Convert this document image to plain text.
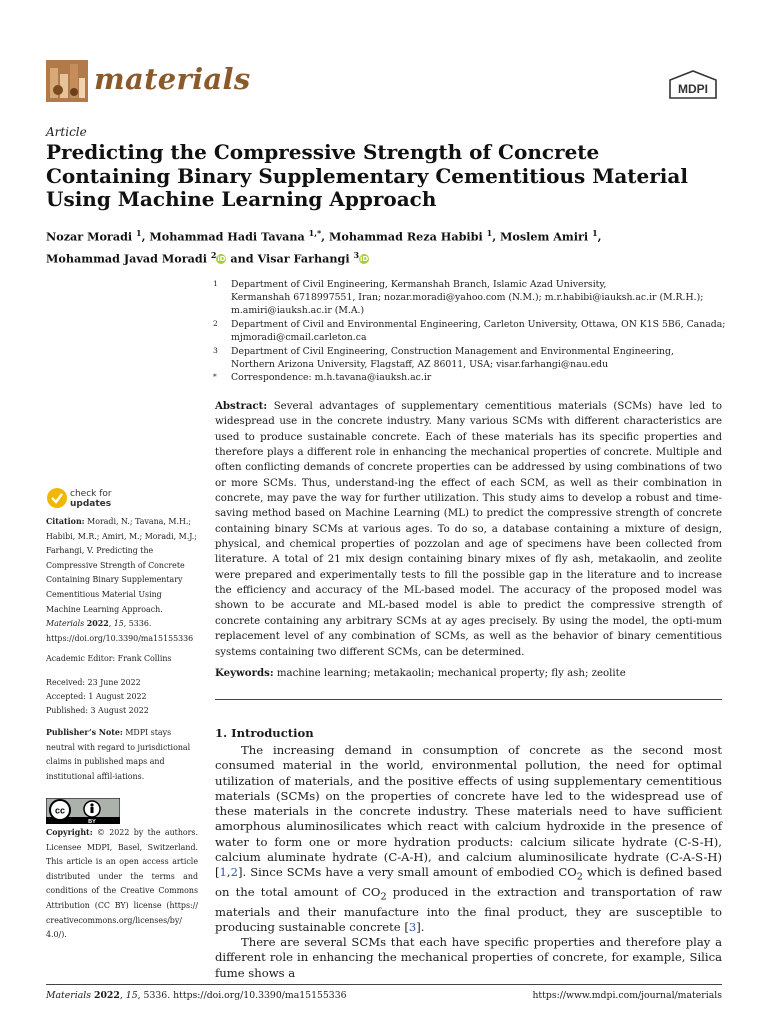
materials	MDPI
Article
Predicting the Compressive Strength of Concrete Containing Binary Supplementary Cementitious Material Using Machine Learning Approach
Nozar Moradi $^1$, Mohammad Hadi Tavana $^{1,*}$, Mohammad Reza Habibi $^1$, Moslem Amiri $^1$,
Mohammad Javad Moradi $^2$iD and Visar Farhangi $^3$iD
1 Department of Civil Engineering, Kermanshah Branch, Islamic Azad University,
Kermanshah 6718997551, Iran; nozar.moradi@yahoo.com (N.M.); m.r.habibi@iauksh.ac.ir (M.R.H.);
m.amiri@iauksh.ac.ir (M.A.)
2 Department of Civil and Environmental Engineering, Carleton University, Ottawa, ON K1S 5B6, Canada;
mjmoradi@cmail.carleton.ca
3 Department of Civil Engineering, Construction Management and Environmental Engineering,
Northern Arizona University, Flagstaff, AZ 86011, USA; visar.farhangi@nau.edu
* Correspondence: m.h.tavana@iauksh.ac.ir
Abstract: Several advantages of supplementary cementitious materials (SCMs) have led to widespread use in the concrete industry. Many various SCMs with different characteristics are used to produce sustainable concrete. Each of these materials has its specific properties and therefore plays a different role in enhancing the mechanical properties of concrete. Multiple and often conflicting demands of concrete properties can be addressed by using combinations of two or more SCMs. Thus, understand-ing the effect of each SCM, as well as their combination in concrete, may pave the way for further utilization. This study aims to develop a robust and time-saving method based on Machine Learning (ML) to predict the compressive strength of concrete containing binary SCMs at various ages. To do so, a database containing a mixture of design, physical, and chemical properties of pozzolan and age of specimens have been collected from literature. A total of 21 mix design containing binary mixes of fly ash, metakaolin, and zeolite were prepared and experimentally tests to fill the possible gap in the literature and to increase the efficiency and accuracy of the ML-based model. The accuracy of the proposed model was shown to be accurate and ML-based model is able to predict the compressive strength of concrete containing any arbitrary SCMs at ay ages precisely. By using the model, the opti-mum replacement level of any combination of SCMs, as well as the behavior of binary cementitious systems containing two different SCMs, can be determined.
Keywords: machine learning; metakaolin; mechanical property; fly ash; zeolite
check for
updates
Citation: Moradi, N.; Tavana, M.H.; Habibi, M.R.; Amiri, M.; Moradi, M.J.; Farhangi, V. Predicting the Compressive Strength of Concrete Containing Binary Supplementary Cementitious Material Using Machine Learning Approach. Materials 2022, 15, 5336. https://doi.org/10.3390/ma15155336
Academic Editor: Frank Collins
Received: 23 June 2022
Accepted: 1 August 2022
Published: 3 August 2022
Publisher’s Note: MDPI stays neutral with regard to jurisdictional claims in published maps and institutional affil-iations.
cc
BY
Copyright: © 2022 by the authors. Licensee MDPI, Basel, Switzerland. This article is an open access article distributed under the terms and conditions of the Creative Commons Attribution (CC BY) license (https:// creativecommons.org/licenses/by/ 4.0/).
1. Introduction

The increasing demand in consumption of concrete as the second most consumed material in the world, environmental pollution, the need for optimal utilization of materials, and the positive effects of using supplementary cementitious materials (SCMs) on the properties of concrete have led to the widespread use of these materials in the concrete industry. These materials need to have sufficient amorphous aluminosilicates which react with calcium hydroxide in the presence of water to form one or more hydration products: calcium silicate hydrate (C-S-H), calcium aluminate hydrate (C-A-H), and calcium aluminosilicate hydrate (C-A-S-H) [1,2]. Since SCMs have a very small amount of embodied $CO_2$ which is defined based on the total amount of $CO_2$ produced in the extraction and transportation of raw materials and their manufacture into the final product, they are susceptible to producing sustainable concrete [3].

There are several SCMs that each have specific properties and therefore play a different role in enhancing the mechanical properties of concrete, for example, Silica fume shows a

Materials 2022, 15, 5336. https://doi.org/10.3390/ma15155336	https://www.mdpi.com/journal/materials
